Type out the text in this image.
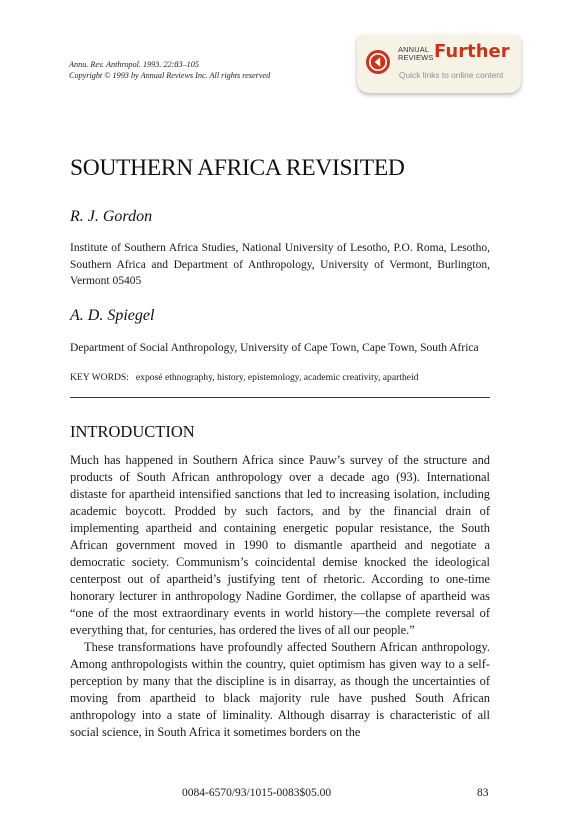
Annu. Rev. Anthropol. 1993. 22:83–105
Copyright © 1993 by Annual Reviews Inc. All rights reserved
ANNUAL
REVIEWS Further
Quick links to online content
SOUTHERN AFRICA REVISITED
R. J. Gordon
Institute of Southern Africa Studies, National University of Lesotho, P.O. Roma, Lesotho, Southern Africa and Department of Anthropology, University of Vermont, Burlington, Vermont 05405
A. D. Spiegel
Department of Social Anthropology, University of Cape Town, Cape Town, South Africa
KEY WORDS: exposé ethnography, history, epistemology, academic creativity, apartheid
INTRODUCTION

Much has happened in Southern Africa since Pauw’s survey of the structure and products of South African anthropology over a decade ago (93). International distaste for apartheid intensified sanctions that led to increasing isolation, including academic boycott. Prodded by such factors, and by the financial drain of implementing apartheid and containing energetic popular resistance, the South African government moved in 1990 to dismantle apartheid and negotiate a democratic society. Communism’s coincidental demise knocked the ideological centerpost out of apartheid’s justifying tent of rhetoric. According to one-time honorary lecturer in anthropology Nadine Gordimer, the collapse of apartheid was “one of the most extraordinary events in world history—the complete reversal of everything that, for centuries, has ordered the lives of all our people.”

These transformations have profoundly affected Southern African anthropology. Among anthropologists within the country, quiet optimism has given way to a self-perception by many that the discipline is in disarray, as though the uncertainties of moving from apartheid to black majority rule have pushed South African anthropology into a state of liminality. Although disarray is characteristic of all social science, in South Africa it sometimes borders on the

0084-6570/93/1015-0083$05.00	83
